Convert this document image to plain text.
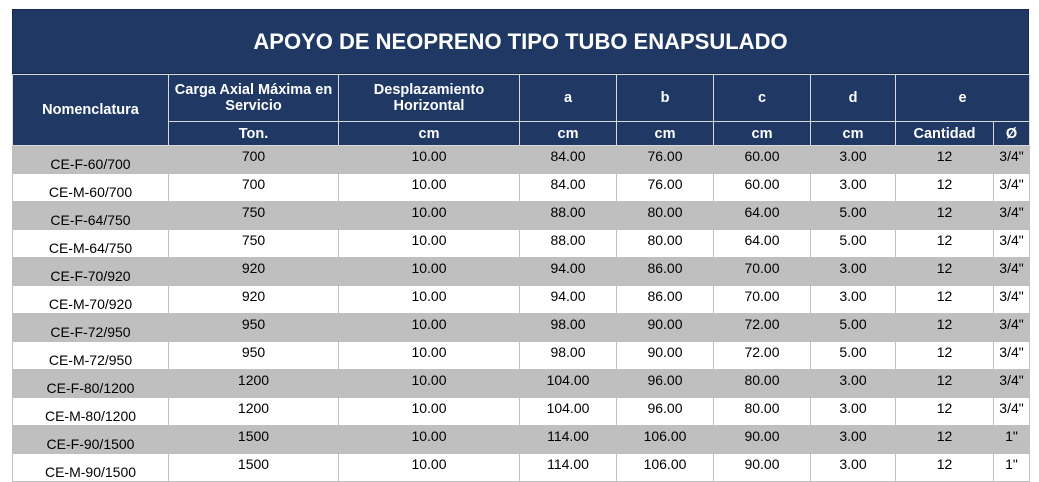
APOYO DE NEOPRENO TIPO TUBO ENAPSULADO
Nomenclatura	Carga Axial Máxima en Servicio	Desplazamiento Horizontal	a	b	c	d	e	
	Ton.	cm	cm	cm	cm	cm	Cantidad	Ø
CE-F-60/700	700	10.00	84.00	76.00	60.00	3.00	12	3/4"
CE-M-60/700	700	10.00	84.00	76.00	60.00	3.00	12	3/4"
CE-F-64/750	750	10.00	88.00	80.00	64.00	5.00	12	3/4"
CE-M-64/750	750	10.00	88.00	80.00	64.00	5.00	12	3/4"
CE-F-70/920	920	10.00	94.00	86.00	70.00	3.00	12	3/4"
CE-M-70/920	920	10.00	94.00	86.00	70.00	3.00	12	3/4"
CE-F-72/950	950	10.00	98.00	90.00	72.00	5.00	12	3/4"
CE-M-72/950	950	10.00	98.00	90.00	72.00	5.00	12	3/4"
CE-F-80/1200	1200	10.00	104.00	96.00	80.00	3.00	12	3/4"
CE-M-80/1200	1200	10.00	104.00	96.00	80.00	3.00	12	3/4"
CE-F-90/1500	1500	10.00	114.00	106.00	90.00	3.00	12	1"
CE-M-90/1500	1500	10.00	114.00	106.00	90.00	3.00	12	1"
